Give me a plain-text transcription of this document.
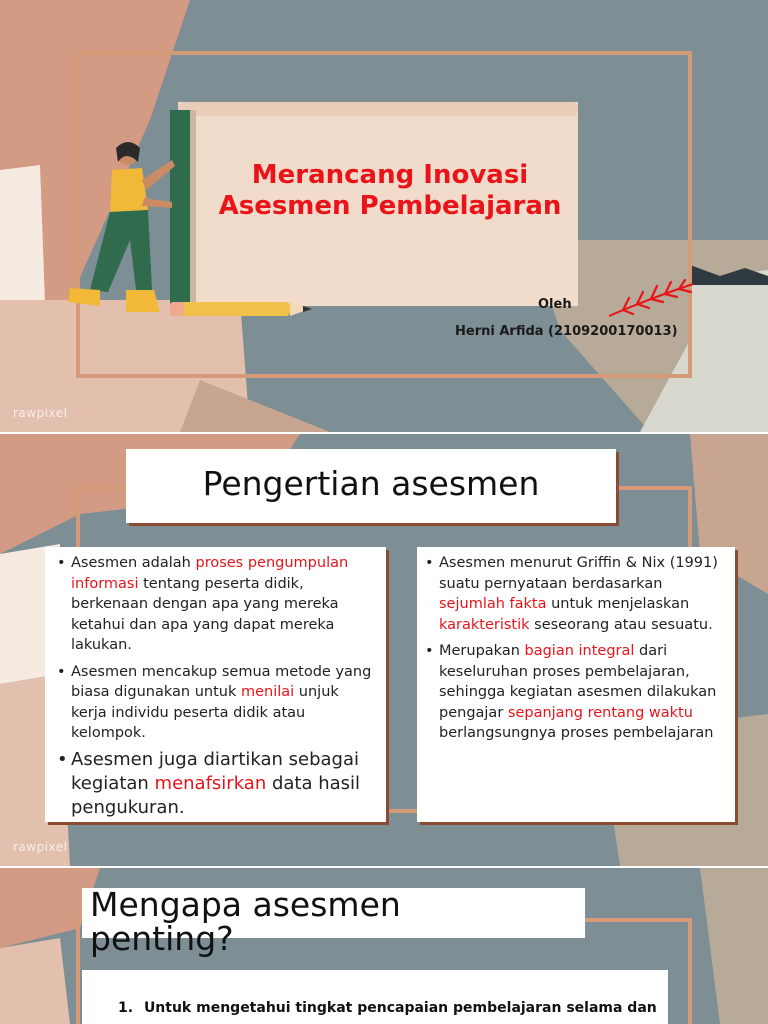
Merancang Inovasi
Asesmen Pembelajaran
Oleh
Herni Arfida (2109200170013)
rawpixel
Pengertian asesmen
• Asesmen adalah proses pengumpulan informasi tentang peserta didik, berkenaan dengan apa yang mereka ketahui dan apa yang dapat mereka lakukan.
• Asesmen mencakup semua metode yang biasa digunakan untuk menilai unjuk kerja individu peserta didik atau kelompok.
• Asesmen juga diartikan sebagai kegiatan menafsirkan data hasil pengukuran.
• Asesmen menurut Griffin & Nix (1991) suatu pernyataan berdasarkan sejumlah fakta untuk menjelaskan karakteristik seseorang atau sesuatu.
• Merupakan bagian integral dari keseluruhan proses pembelajaran, sehingga kegiatan asesmen dilakukan pengajar sepanjang rentang waktu berlangsungnya proses pembelajaran
rawpixel
Mengapa asesmen
penting?
1. Untuk mengetahui tingkat pencapaian pembelajaran selama dan
